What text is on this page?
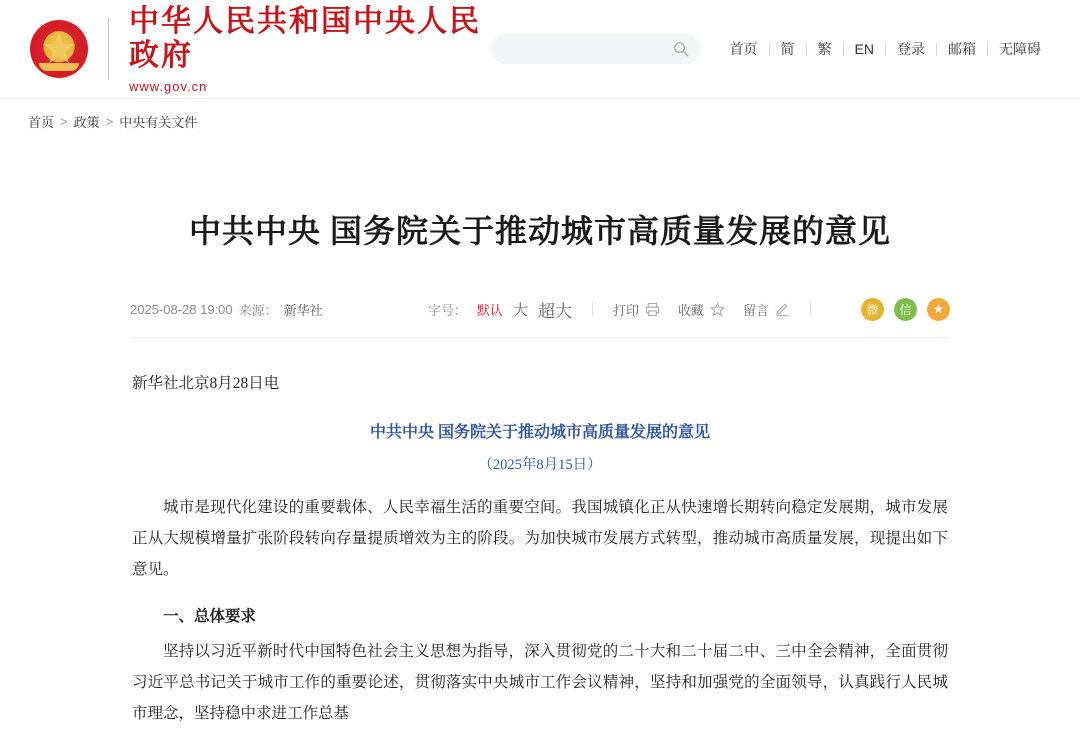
中华人民共和国中央人民政府
www.gov.cn
首页	简	繁	EN	登录	邮箱	无障碍
首页 > 政策 > 中央有关文件
中共中央 国务院关于推动城市高质量发展的意见
2025-08-28 19:00 来源： 新华社	字号： 默认 大 超大	打印	收藏	留言	微	信	★

新华社北京8月28日电

中共中央 国务院关于推动城市高质量发展的意见

（2025年8月15日）

城市是现代化建设的重要载体、人民幸福生活的重要空间。我国城镇化正从快速增长期转向稳定发展期，城市发展正从大规模增量扩张阶段转向存量提质增效为主的阶段。为加快城市发展方式转型，推动城市高质量发展，现提出如下意见。

一、总体要求

坚持以习近平新时代中国特色社会主义思想为指导，深入贯彻党的二十大和二十届二中、三中全会精神，全面贯彻习近平总书记关于城市工作的重要论述，贯彻落实中央城市工作会议精神，坚持和加强党的全面领导，认真践行人民城市理念，坚持稳中求进工作总基
